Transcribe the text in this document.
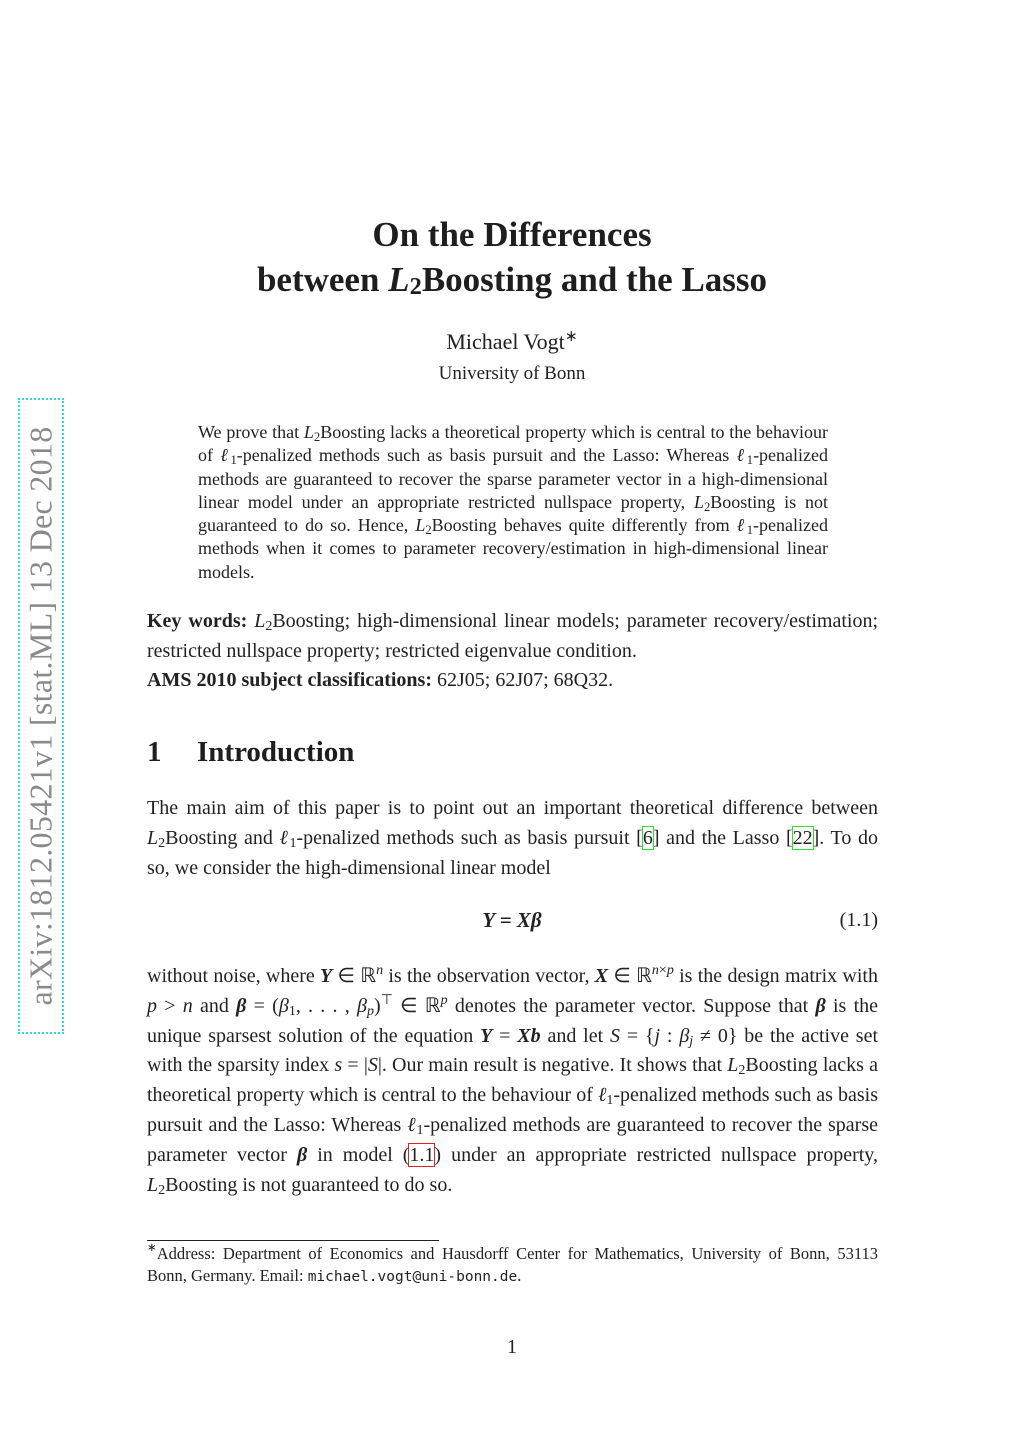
arXiv:1812.05421v1 [stat.ML] 13 Dec 2018
On the Differences
between $L_2Boosting$ and the Lasso
Michael Vogt∗
University of Bonn

We prove that $L_2Boosting$ lacks a theoretical property which is central to the behaviour of ℓ$_1$-penalized methods such as basis pursuit and the Lasso: Whereas ℓ$_1$-penalized methods are guaranteed to recover the sparse parameter vector in a high-dimensional linear model under an appropriate restricted nullspace property, $L_2Boosting$ is not guaranteed to do so. Hence, $L_2Boosting$ behaves quite differently from ℓ$_1$-penalized methods when it comes to parameter recovery/estimation in high-dimensional linear models.

Key words: $L_2Boosting$; high-dimensional linear models; parameter recovery/estimation; restricted nullspace property; restricted eigenvalue condition.
AMS 2010 subject classifications: 62J05; 62J07; 68Q32.
1 Introduction
The main aim of this paper is to point out an important theoretical difference between $L_2Boosting$ and ℓ$_1$-penalized methods such as basis pursuit [6] and the Lasso [22]. To do so, we consider the high-dimensional linear model
Y = Xβ	(1.1)
without noise, where Y ∈ ℝ$^n$ is the observation vector, X ∈ ℝ$^{n\times p}$ is the design matrix with p > n and $\beta = (\beta_1$, . . . , $\beta_p)^⊤$ ∈ ℝ$^p$ denotes the parameter vector. Suppose that β is the unique sparsest solution of the equation Y = Xb and let S = {j : $\beta_j \ne 0$} be the active set with the sparsity index s = |S|. Our main result is negative. It shows that $L_2Boosting$ lacks a theoretical property which is central to the behaviour of ℓ$_1$-penalized methods such as basis pursuit and the Lasso: Whereas ℓ$_1$-penalized methods are guaranteed to recover the sparse parameter vector β in model (1.1) under an appropriate restricted nullspace property, $L_2Boosting$ is not guaranteed to do so.
∗Address: Department of Economics and Hausdorff Center for Mathematics, University of Bonn, 53113 Bonn, Germany. Email: michael.vogt@uni-bonn.de.
1
